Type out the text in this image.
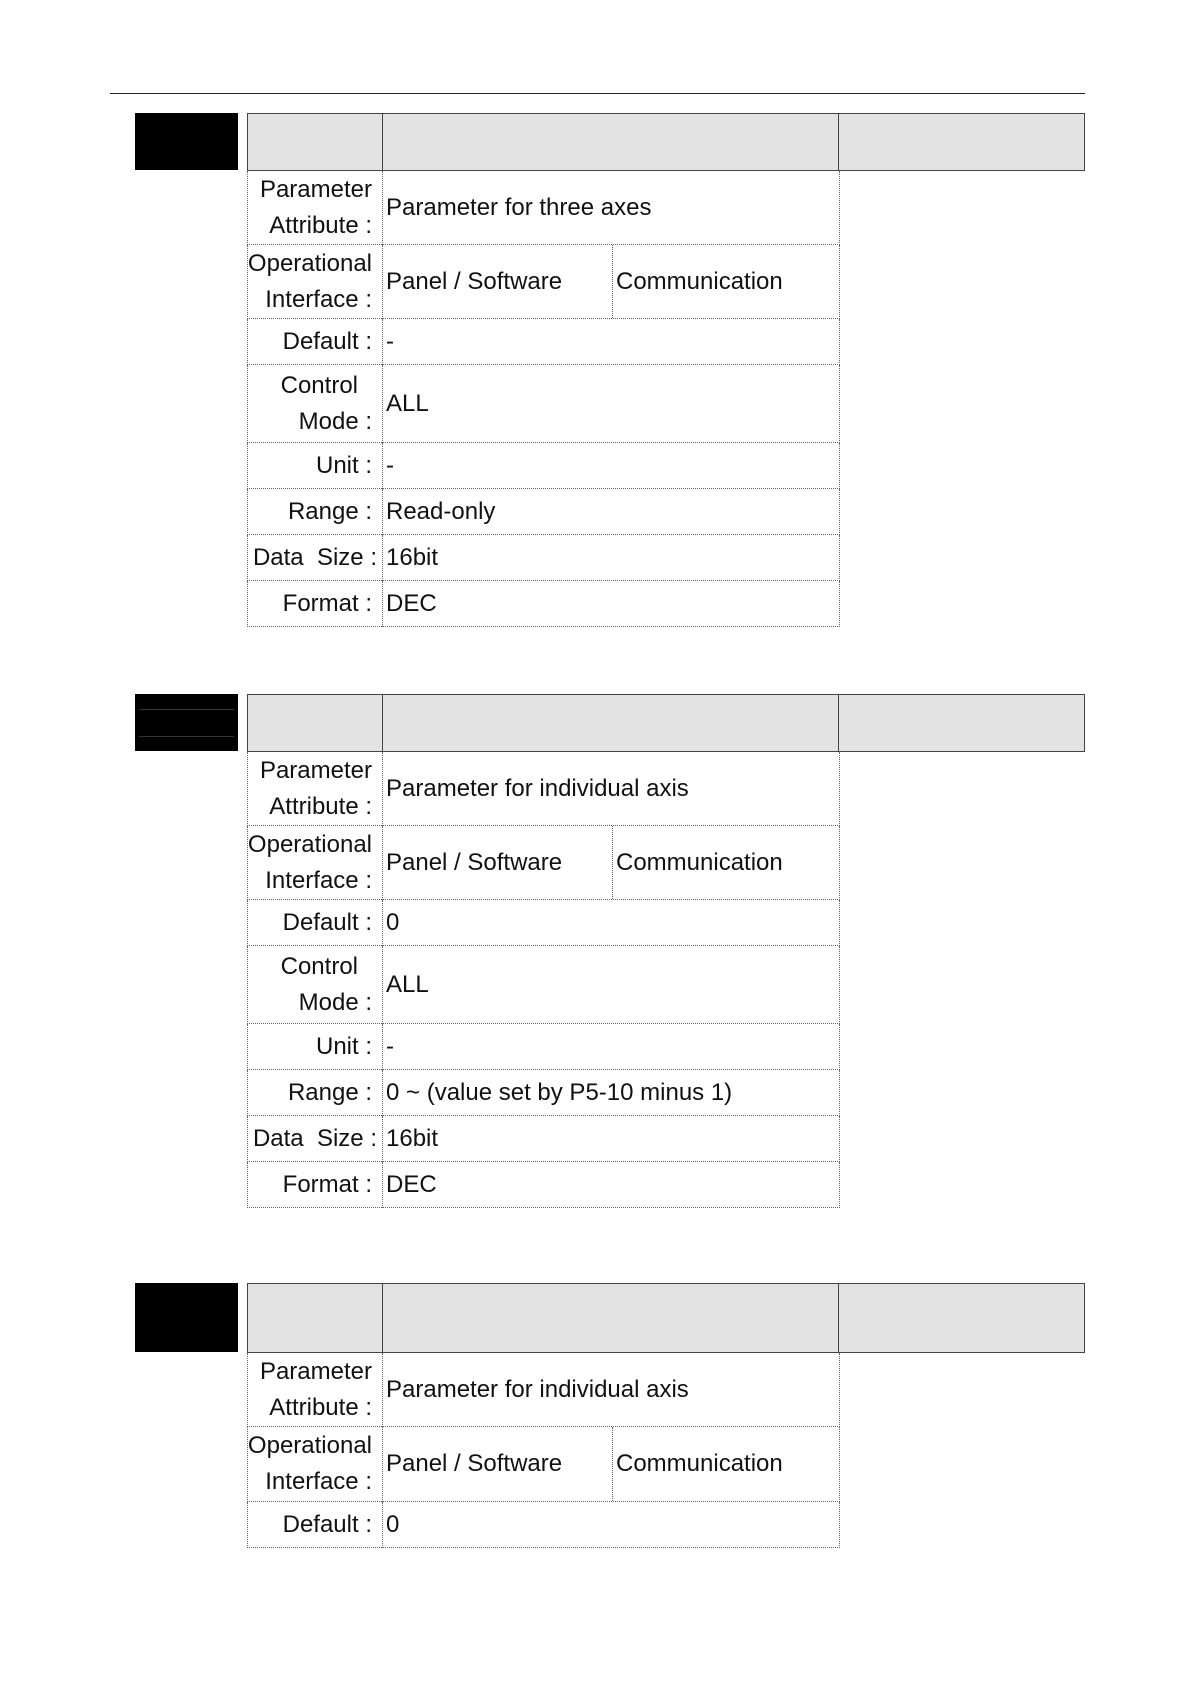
Parameter
Attribute :
Parameter for three axes
Operational
Interface :
Panel / Software Communication
Default : -
Control
Mode :
ALL
Unit : -
Range : Read-only
Data  Size : 16bit
Format : DEC
Parameter
Attribute :
Parameter for individual axis
Operational
Interface :
Panel / Software Communication
Default : 0
Control
Mode :
ALL
Unit : -
Range : 0 ~ (value set by P5-10 minus 1)
Data  Size : 16bit
Format : DEC
Parameter
Attribute :
Parameter for individual axis
Operational
Interface :
Panel / Software Communication
Default : 0
